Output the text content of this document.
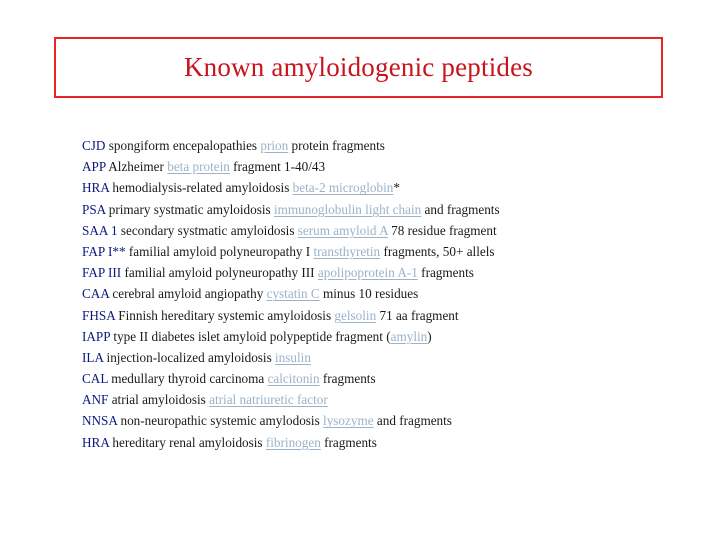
Known amyloidogenic peptides
CJD spongiform encepalopathies prion protein fragments
APP Alzheimer beta protein fragment 1-40/43
HRA hemodialysis-related amyloidosis beta-2 microglobin*
PSA primary systmatic amyloidosis immunoglobulin light chain and fragments
SAA 1 secondary systmatic amyloidosis serum amyloid A 78 residue fragment
FAP I** familial amyloid polyneuropathy I transthyretin fragments, 50+ allels
FAP III familial amyloid polyneuropathy III apolipoprotein A-1 fragments
CAA cerebral amyloid angiopathy cystatin C minus 10 residues
FHSA Finnish hereditary systemic amyloidosis gelsolin 71 aa fragment
IAPP type II diabetes islet amyloid polypeptide fragment (amylin)
ILA injection-localized amyloidosis insulin
CAL medullary thyroid carcinoma calcitonin fragments
ANF atrial amyloidosis atrial natriuretic factor
NNSA non-neuropathic systemic amylodosis lysozyme and fragments
HRA hereditary renal amyloidosis fibrinogen fragments
